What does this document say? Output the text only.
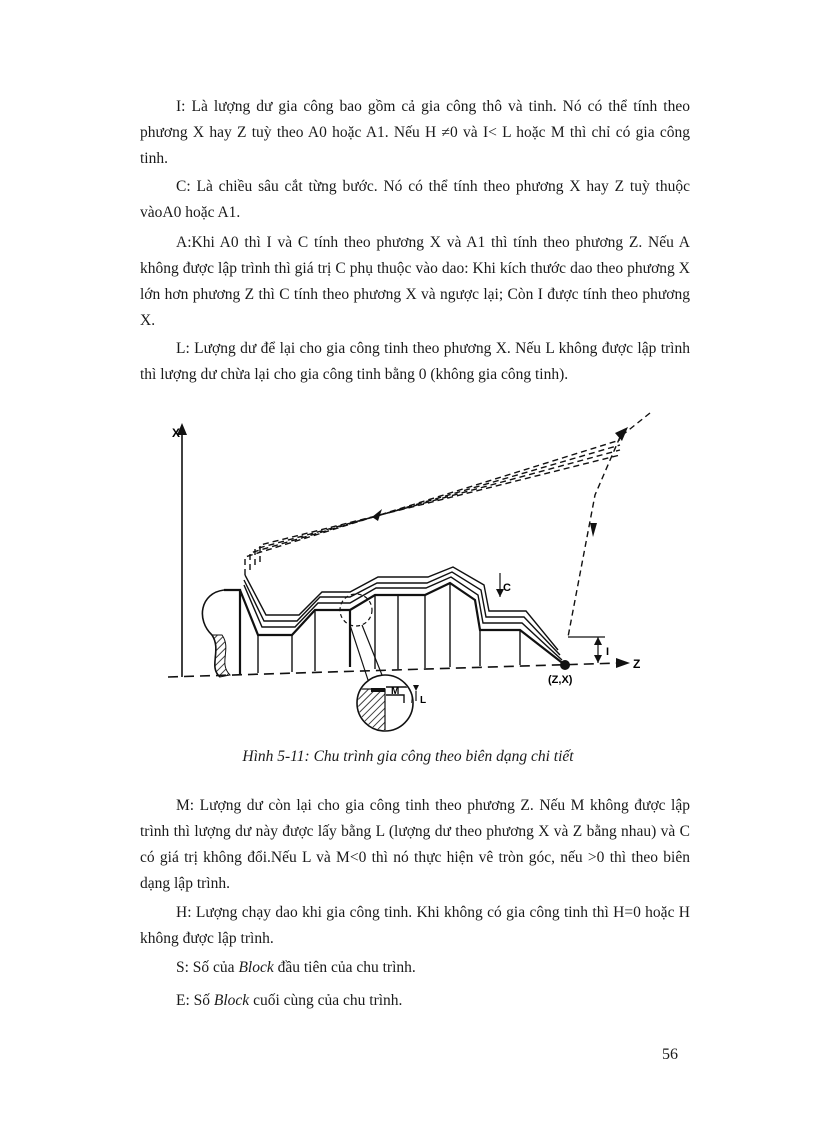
I: Là lượng dư gia công bao gồm cả gia công thô và tinh. Nó có thể tính theo phương X hay Z tuỳ theo A0 hoặc A1. Nếu H ≠0 và I< L hoặc M thì chỉ có gia công tinh.

C: Là chiều sâu cắt từng bước. Nó có thể tính theo phương X hay Z tuỳ thuộc vàoA0 hoặc A1.

A:Khi A0 thì I và C tính theo phương X và A1 thì tính theo phương Z. Nếu A không được lập trình thì giá trị C phụ thuộc vào dao: Khi kích thước dao theo phương X lớn hơn phương Z thì C tính theo phương X và ngược lại; Còn I được tính theo phương X.

L: Lượng dư để lại cho gia công tinh theo phương X. Nếu L không được lập trình thì lượng dư chừa lại cho gia công tinh bằng 0 (không gia công tinh).

X
Z
(Z,X)
C
I
M
L
Hình 5-11: Chu trình gia công theo biên dạng chi tiết

M: Lượng dư còn lại cho gia công tinh theo phương Z. Nếu M không được lập trình thì lượng dư này được lấy bằng L (lượng dư theo phương X và Z bằng nhau) và C có giá trị không đổi.Nếu L và M<0 thì nó thực hiện vê tròn góc, nếu >0 thì theo biên dạng lập trình.

H: Lượng chạy dao khi gia công tinh. Khi không có gia công tinh thì H=0 hoặc H không được lập trình.

S: Số của Block đầu tiên của chu trình.

E: Số Block cuối cùng của chu trình.

56
